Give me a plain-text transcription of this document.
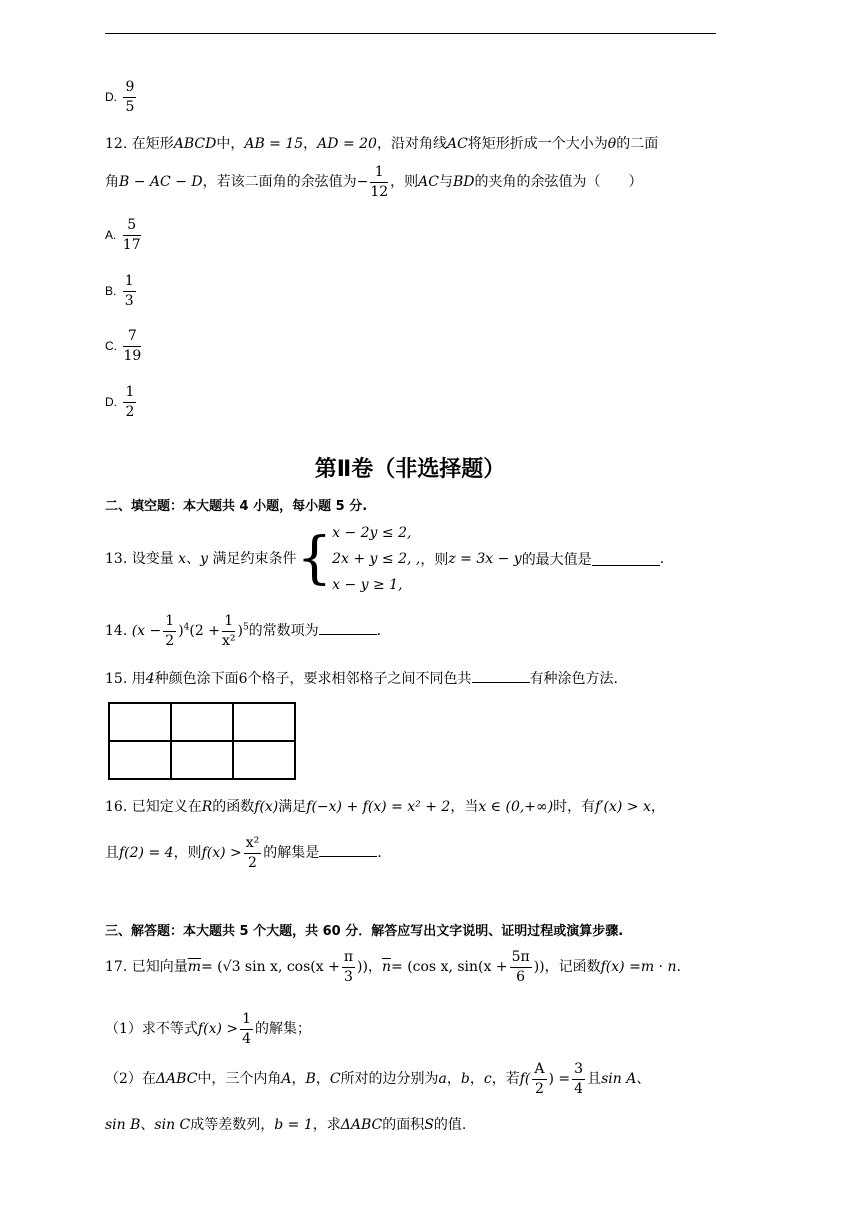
D. $\frac{9}{5}$
12. 在矩形ABCD中，AB = 15，AD = 20，沿对角线AC将矩形折成一个大小为θ的二面
角B − AC − D，若该二面角的余弦值为− $\frac{1}{12}$ ，则AC与BD的夹角的余弦值为（　　）
A. $\frac{5}{17}$
B. $\frac{1}{3}$
C. $\frac{7}{19}$
D. $\frac{1}{2}$
第Ⅱ卷（非选择题）
二、填空题：本大题共 4 小题，每小题 5 分.
13. 设变量 x、y 满足约束条件{ x − 2y ≤ 2,
2x + y ≤ 2, ,
x − y ≥ 1,
，则z = 3x − y的最大值是	.
14. $(x - \frac{1}{2} )^4(2 + \frac{1}{\text{x²}} )^5$的常数项为	.
15. 用4种颜色涂下面6个格子，要求相邻格子之间不同色共	有种涂色方法.

16. 已知定义在R的函数f(x)满足f(−x) + f(x) = x² + 2，当x ∈ (0,+∞)时，有f′(x) > x，
且f(2) = 4，则$f(x) > \frac{\text{x²}}{2}$ 的解集是	.
三、解答题：本大题共 5 个大题，共 60 分．解答应写出文字说明、证明过程或演算步骤.
17. 已知向量$\overline{m}= (√3$ sin x, $\cos(x + \frac{\pi}{3}$ ))，$\overline{n}= (\cos$ x, $\sin(x + \frac{5\pi}{6}$ ))，记函数f(x) =m · n.
（1）求不等式$f(x) > \frac{1}{4}$ 的解集；
（2）在ΔABC中，三个内角A，B，C所对的边分别为a，b，c，若$f( \frac{A}{2}$ ) = $\frac{3}{4}$ 且sin A、
sin B、sin C成等差数列，b = 1，求ΔABC的面积S的值.
